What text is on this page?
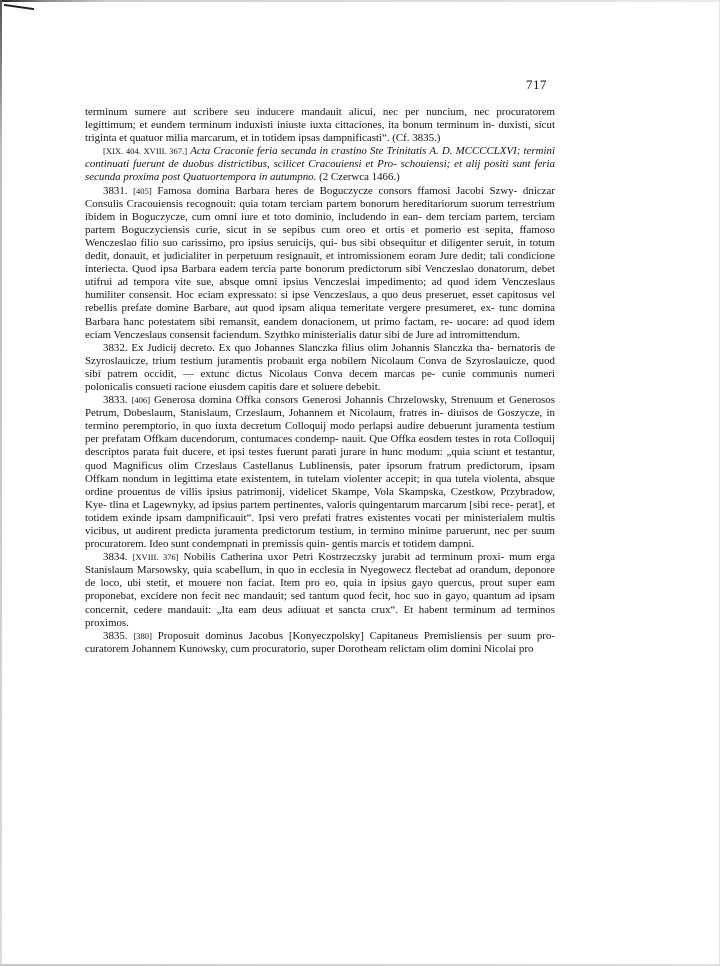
717

terminum sumere aut scribere seu inducere mandauit alicui, nec per nuncium, nec procuratorem legittimum; et eundem terminum induxisti iniuste iuxta cittaciones, ita bonum terminum in- duxisti, sicut triginta et quatuor milia marcarum, et in totidem ipsas dampnificasti“. (Cf. 3835.)

[XIX. 404. XVIII. 367.] Acta Craconie feria secunda in crastino Ste Trinitatis A. D. MCCCCLXVI; termini continuati fuerunt de duobus districtibus, scilicet Cracouiensi et Pro- schouiensi; et alij positi sunt feria secunda proxima post Quatuortempora in autumpno. (2 Czerwca 1466.)

3831. [405] Famosa domina Barbara heres de Boguczycze consors ffamosi Jacobi Szwy- dniczar Consulis Cracouiensis recognouit: quia totam terciam partem bonorum hereditariorum suorum terrestrium ibidem in Boguczycze, cum omni iure et toto dominio, includendo in ean- dem terciam partem, terciam partem Boguczyciensis curie, sicut in se sepibus cum oreo et ortis et pomerio est sepita, ffamoso Wenczeslao filio suo carissimo, pro ipsius seruicijs, qui- bus sibi obsequitur et diligenter seruit, in totum dedit, donauit, et judicialiter in perpetuum resignauit, et intromissionem eoram Jure dedit; tali condicione interiecta. Quod ipsa Barbara eadem tercia parte bonorum predictorum sibi Venczeslao donatorum, debet utifrui ad tempora vite sue, absque omni ipsius Venczeslai impedimento; ad quod idem Venczeslaus humiliter consensit. Hoc eciam expressato: si ipse Venczeslaus, a quo deus preseruet, esset capitosus vel rebellis prefate domine Barbare, aut quod ipsam aliqua temeritate vergere presumeret, ex- tunc domina Barbara hanc potestatem sibi remansit, eandem donacionem, ut primo factam, re- uocare: ad quod idem eciam Venczeslaus consensit faciendum. Szythko ministerialis datur sibi de Jure ad intromittendum.

3832. Ex Judicij decreto. Ex quo Johannes Slanczka filius olim Johannis Slanczka tha- bernatoris de Szyroslauicze, trium testium juramentis probauit erga nobilem Nicolaum Conva de Szyroslauicze, quod sibi patrem occidit, — extunc dictus Nicolaus Conva decem marcas pe- cunie communis numeri polonicalis consueti racione eiusdem capitis dare et soluere debebit.

3833. [406] Generosa domina Offka consors Generosi Johannis Chrzelowsky, Strenuum et Generosos Petrum, Dobeslaum, Stanislaum, Crzeslaum, Johannem et Nicolaum, fratres in- diuisos de Goszycze, in termino peremptorio, in quo iuxta decretum Colloquij modo perlapsi audire debuerunt juramenta testium per prefatam Offkam ducendorum, contumaces condemp- nauit. Que Offka eosdem testes in rota Colloquij descriptos parata fuit ducere, et ipsi testes fuerunt parati jurare in hunc modum: „quia sciunt et testantur, quod Magnificus olim Crzeslaus Castellanus Lublinensis, pater ipsorum fratrum predictorum, ipsam Offkam nondum in legittima etate existentem, in tutelam violenter accepit; in qua tutela violenta, absque ordine prouentus de villis ipsius patrimonij, videlicet Skampe, Vola Skampska, Czestkow, Przybradow, Kye- tlina et Lagewnyky, ad ipsius partem pertinentes, valoris quingentarum marcarum [sibi rece- perat], et totidem exinde ipsam dampnificauit“. Ipsi vero prefati fratres existentes vocati per ministerialem multis vicibus, ut audirent predicta juramenta predictorum testium, in termino minime paruerunt, nec per suum procuratorem. Ideo sunt condempnati in premissis quin- gentis marcis et totidem dampni.

3834. [XVIII. 376] Nobilis Catherina uxor Petri Kostrzeczsky jurabit ad terminum proxi- mum erga Stanislaum Marsowsky, quia scabellum, in quo in ecclesia in Nyegowecz flectebat ad orandum, deponore de loco, ubi stetit, et mouere non faciat. Item pro eo, quia in ipsius gayo quercus, prout super eam proponebat, excidere non fecit nec mandauit; sed tantum quod fecit, hoc suo in gayo, quantum ad ipsam concernit, cedere mandauit: „Ita eam deus adiuuat et sancta crux“. Et habent terminum ad terminos proximos.

3835. [380] Proposuit dominus Jacobus [Konyeczpolsky] Capitaneus Premisliensis per suum pro- curatorem Johannem Kunowsky, cum procuratorio, super Dorotheam relictam olim domini Nicolai pro
